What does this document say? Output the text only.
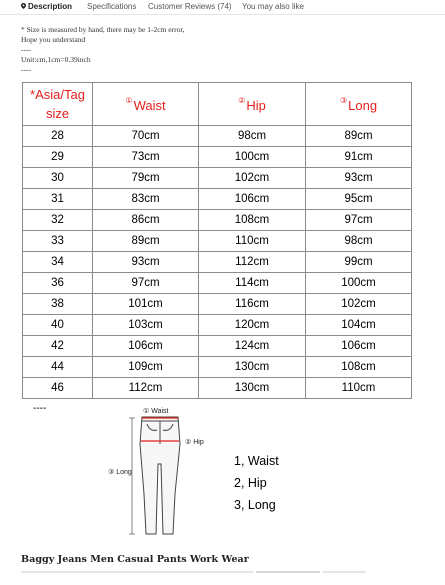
Description Specifications Customer Reviews (74) You may also like
* Size is measured by hand, there may be 1-2cm error,
Hope you understand
----
Unit:cm,1cm=0.39inch
----
*Asia/Tag
size	①Waist	②Hip	③Long
28	70cm	98cm	89cm
29	73cm	100cm	91cm
30	79cm	102cm	93cm
31	83cm	106cm	95cm
32	86cm	108cm	97cm
33	89cm	110cm	98cm
34	93cm	112cm	99cm
36	97cm	114cm	100cm
38	101cm	116cm	102cm
40	103cm	120cm	104cm
42	106cm	124cm	106cm
44	109cm	130cm	108cm
46	112cm	130cm	110cm
----	① Waist
② Hip
③ Long
1, Waist
2, Hip
3, Long
Baggy Jeans Men Casual Pants Work Wear
